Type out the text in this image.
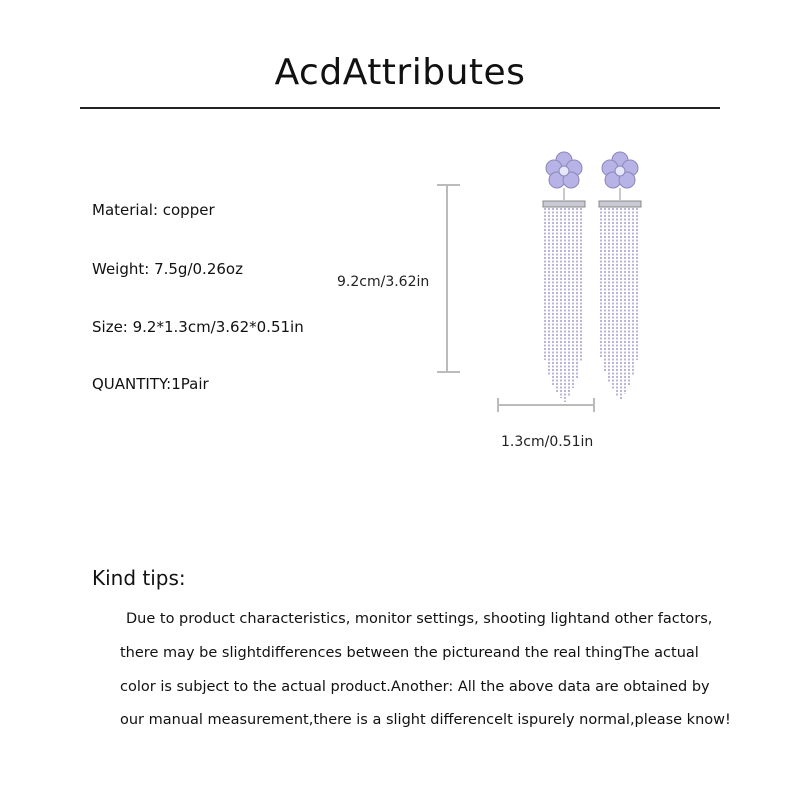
AcdAttributes
Material: copper
Weight: 7.5g/0.26oz
Size: 9.2*1.3cm/3.62*0.51in
QUANTITY:1Pair
9.2cm/3.62in
1.3cm/0.51in
Kind tips:
Due to product characteristics, monitor settings, shooting lightand other factors,
there may be slightdifferences between the pictureand the real thingThe actual
color is subject to the actual product.Another: All the above data are obtained by
our manual measurement,there is a slight differencelt ispurely normal,please know!
